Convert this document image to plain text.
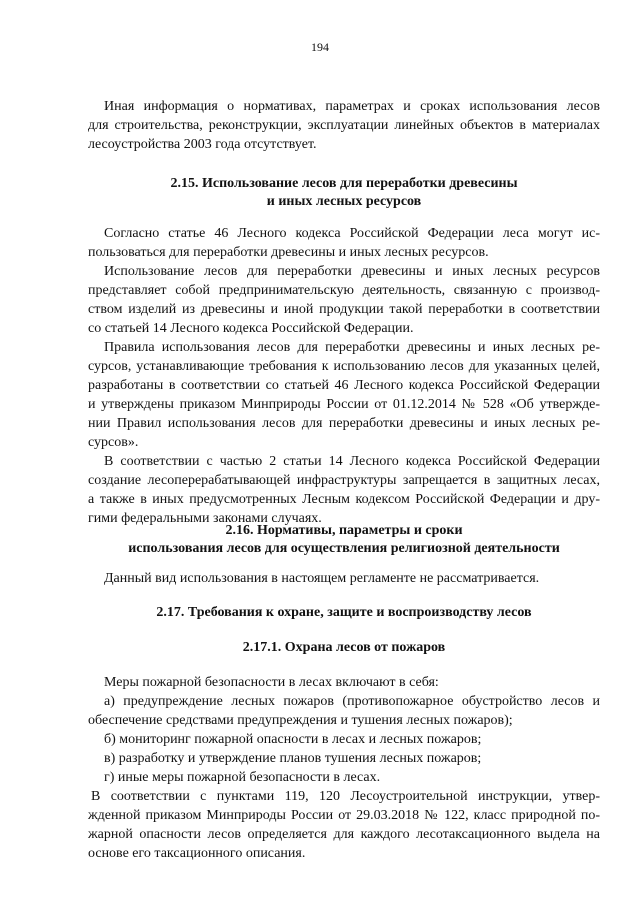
194

Иная информация о нормативах, параметрах и сроках использования лесов
для строительства, реконструкции, эксплуатации линейных объектов в материалах
лесоустройства 2003 года отсутствует.

2.15. Использование лесов для переработки древесины
и иных лесных ресурсов

Согласно статье 46 Лесного кодекса Российской Федерации леса могут ис-
пользоваться для переработки древесины и иных лесных ресурсов.

Использование лесов для переработки древесины и иных лесных ресурсов
представляет собой предпринимательскую деятельность, связанную с производ-
ством изделий из древесины и иной продукции такой переработки в соответствии
со статьей 14 Лесного кодекса Российской Федерации.

Правила использования лесов для переработки древесины и иных лесных ре-
сурсов, устанавливающие требования к использованию лесов для указанных целей,
разработаны в соответствии со статьей 46 Лесного кодекса Российской Федерации
и утверждены приказом Минприроды России от 01.12.2014 № 528 «Об утвержде-
нии Правил использования лесов для переработки древесины и иных лесных ре-
сурсов».

В соответствии с частью 2 статьи 14 Лесного кодекса Российской Федерации
создание лесоперерабатывающей инфраструктуры запрещается в защитных лесах,
а также в иных предусмотренных Лесным кодексом Российской Федерации и дру-
гими федеральными законами случаях.

2.16. Нормативы, параметры и сроки
использования лесов для осуществления религиозной деятельности

Данный вид использования в настоящем регламенте не рассматривается.

2.17. Требования к охране, защите и воспроизводству лесов
2.17.1. Охрана лесов от пожаров

Меры пожарной безопасности в лесах включают в себя:
а) предупреждение лесных пожаров (противопожарное обустройство лесов и
обеспечение средствами предупреждения и тушения лесных пожаров);
б) мониторинг пожарной опасности в лесах и лесных пожаров;
в) разработку и утверждение планов тушения лесных пожаров;
г) иные меры пожарной безопасности в лесах.

В соответствии с пунктами 119, 120 Лесоустроительной инструкции, утвер-
жденной приказом Минприроды России от 29.03.2018 № 122, класс природной по-
жарной опасности лесов определяется для каждого лесотаксационного выдела на
основе его таксационного описания.
